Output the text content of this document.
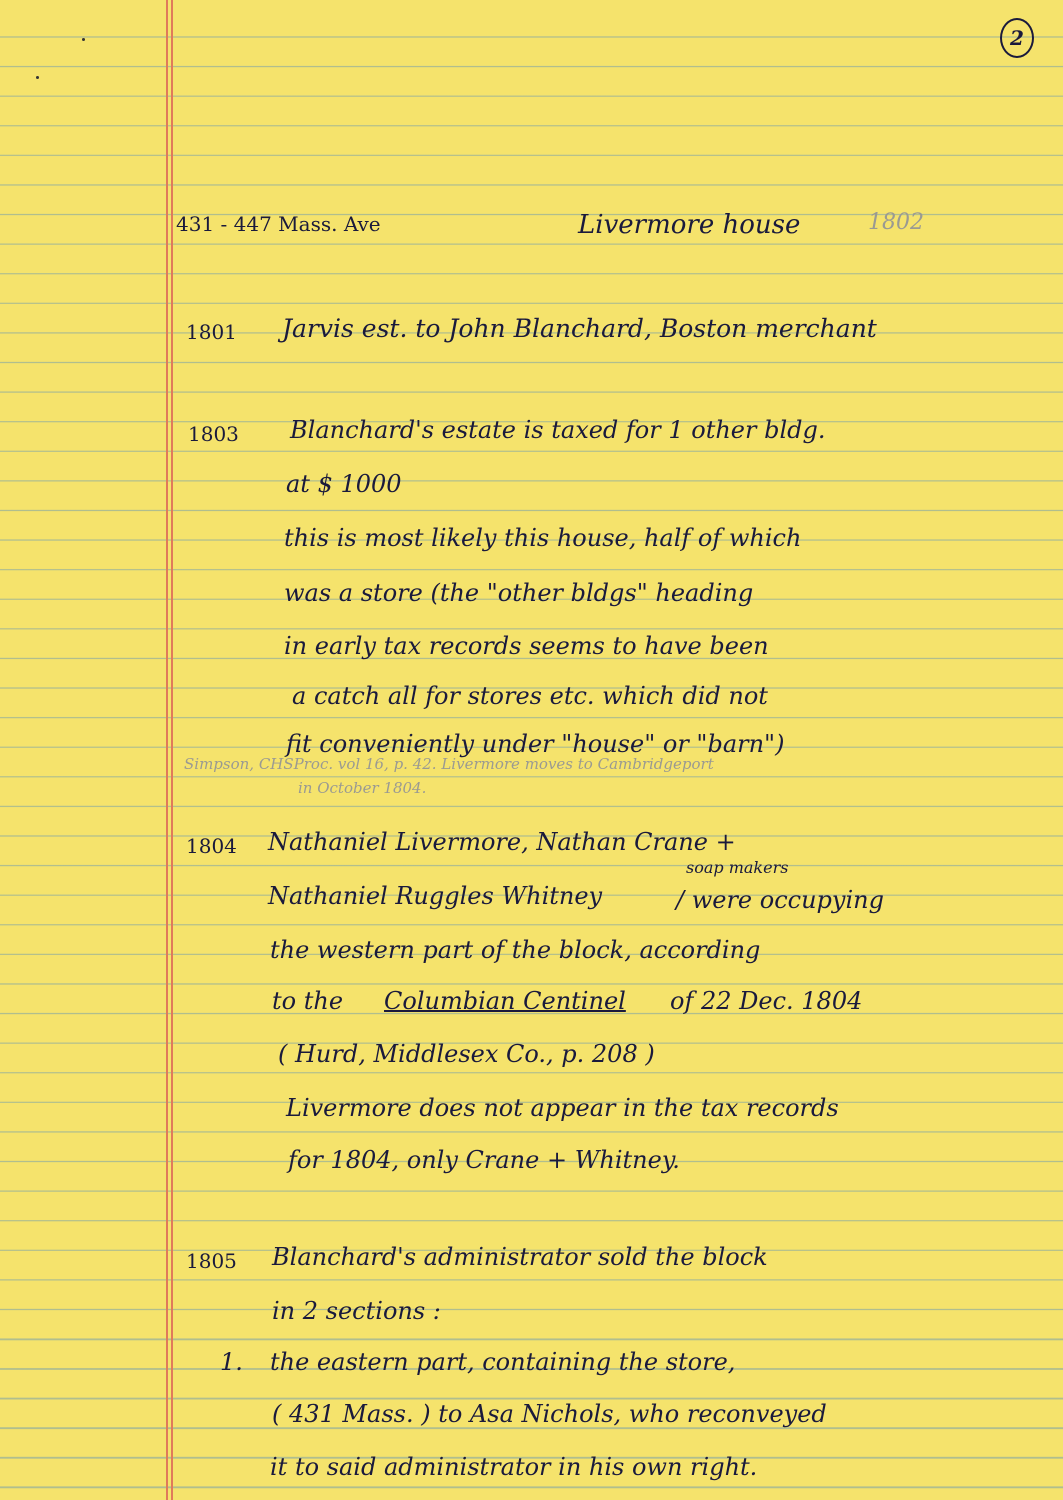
2
431 - 447 Mass. Ave	Livermore house	1802
1801 Jarvis est. to John Blanchard, Boston merchant
1803 Blanchard's estate is taxed for 1 other bldg.
at $ 1000
this is most likely this house, half of which
was a store (the "other bldgs" heading
in early tax records seems to have been
a catch all for stores etc. which did not
fit conveniently under "house" or "barn")
Simpson, CHSProc. vol 16, p. 42. Livermore moves to Cambridgeport
in October 1804.
1804 Nathaniel Livermore, Nathan Crane +
soap makers
Nathaniel Ruggles Whitney	/ were occupying
the western part of the block, according
to the Columbian Centinel of 22 Dec. 1804
( Hurd, Middlesex Co., p. 208 )
Livermore does not appear in the tax records
for 1804, only Crane + Whitney.
1805 Blanchard's administrator sold the block
in 2 sections :
1. the eastern part, containing the store,
( 431 Mass. ) to Asa Nichols, who reconveyed
it to said administrator in his own right.
